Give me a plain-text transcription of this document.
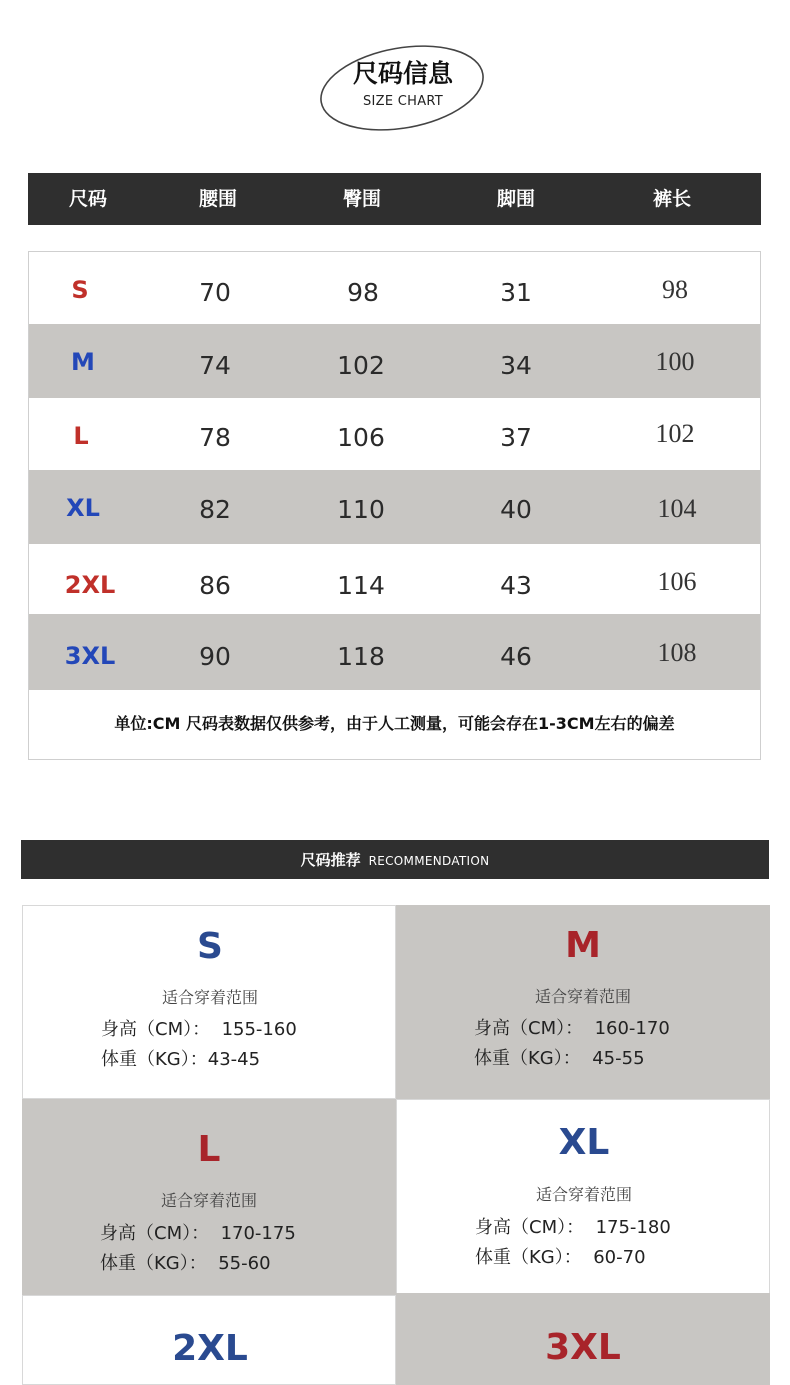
尺码信息
SIZE CHART
尺码	腰围	臀围	脚围	裤长
S	70	98	31	98
M	74	102	34	100
L	78	106	37	102
XL	82	110	40	104
2XL	86	114	43	106
3XL	90	118	46	108
单位:CM 尺码表数据仅供参考，由于人工测量，可能会存在1-3CM左右的偏差
尺码推荐 RECOMMENDATION
S
适合穿着范围
身高（CM）： 155-160
体重（KG）：43-45
M
适合穿着范围
身高（CM）： 160-170
体重（KG）： 45-55
L
适合穿着范围
身高（CM）： 170-175
体重（KG）： 55-60
XL
适合穿着范围
身高（CM）： 175-180
体重（KG）： 60-70
2XL	3XL
